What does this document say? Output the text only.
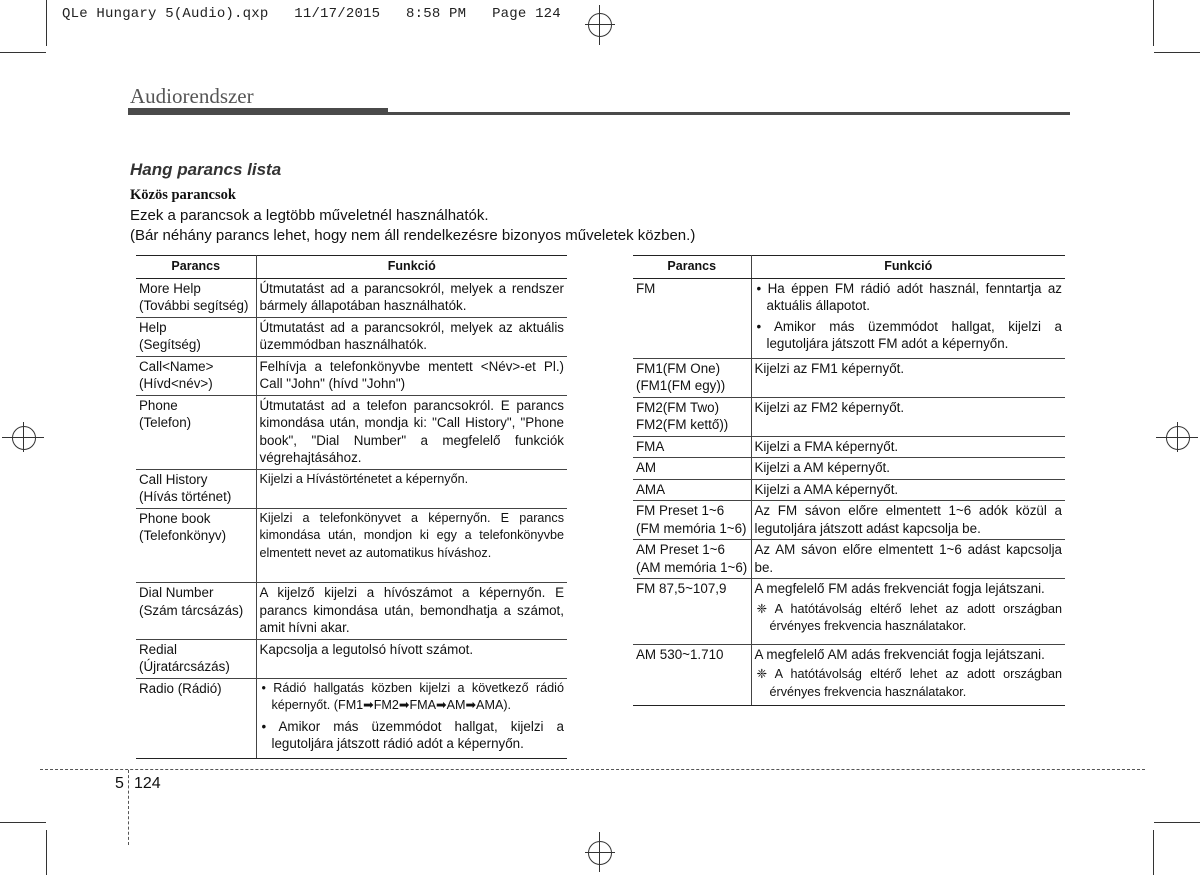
QLe Hungary 5(Audio).qxp   11/17/2015   8:58 PM   Page 124
Audiorendszer
Hang parancs lista
Közös parancsok
Ezek a parancsok a legtöbb műveletnél használhatók.
(Bár néhány parancs lehet, hogy nem áll rendelkezésre bizonyos műveletek közben.)
Parancs	Funkció

More Help
(További segítség)	Útmutatást ad a parancsokról, melyek a rendszer bármely állapotában használhatók.

Help
(Segítség)	Útmutatást ad a parancsokról, melyek az aktuális üzemmódban használhatók.

Call<Name>
(Hívd<név>)	Felhívja a telefonkönyvbe mentett <Név>-et Pl.) Call "John" (hívd "John")

Phone
(Telefon)	Útmutatást ad a telefon parancsokról. E parancs kimondása után, mondja ki: "Call History", "Phone book", "Dial Number" a megfelelő funkciók végrehajtásához.

Call History
(Hívás történet)	Kijelzi a Hívástörténetet a képernyőn.

Phone book
(Telefonkönyv)	Kijelzi a telefonkönyvet a képernyőn. E parancs kimondása után, mondjon ki egy a telefonkönyvbe elmentett nevet az automatikus híváshoz.

Dial Number
(Szám tárcsázás)	A kijelző kijelzi a hívószámot a képernyőn. E parancs kimondása után, bemondhatja a számot, amit hívni akar.

Redial
(Újratárcsázás)	Kapcsolja a legutolsó hívott számot.

Radio (Rádió)	• Rádió hallgatás közben kijelzi a következő rádió képernyőt. (FM1➡FM2➡FMA➡AM➡AMA).
• Amikor más üzemmódot hallgat, kijelzi a legutoljára játszott rádió adót a képernyőn.
Parancs	Funkció

FM	• Ha éppen FM rádió adót használ, fenntartja az aktuális állapotot.
• Amikor más üzemmódot hallgat, kijelzi a legutoljára játszott FM adót a képernyőn.

FM1(FM One)
(FM1(FM egy))	Kijelzi az FM1 képernyőt.

FM2(FM Two)
FM2(FM kettő))	Kijelzi az FM2 képernyőt.

FMA	Kijelzi a FMA képernyőt.

AM	Kijelzi a AM képernyőt.

AMA	Kijelzi a AMA képernyőt.

FM Preset 1~6
(FM memória 1~6)	Az FM sávon előre elmentett 1~6 adók közül a legutoljára játszott adást kapcsolja be.

AM Preset 1~6
(AM memória 1~6)	Az AM sávon előre elmentett 1~6 adást kapcsolja be.

FM 87,5~107,9	A megfelelő FM adás frekvenciát fogja lejátszani.
❈ A hatótávolság eltérő lehet az adott országban érvényes frekvencia használatakor.

AM 530~1.710	A megfelelő AM adás frekvenciát fogja lejátszani.
❈ A hatótávolság eltérő lehet az adott országban érvényes frekvencia használatakor.
5 124
